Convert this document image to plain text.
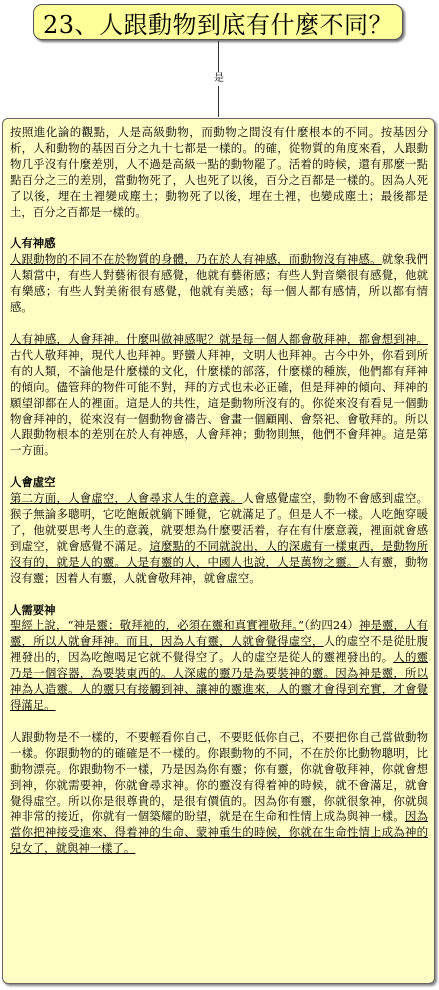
23、人跟動物到底有什麼不同？
是

按照進化論的觀點，人是高級動物，而動物之間沒有什麼根本的不同。按基因分析，人和動物的基因百分之九十七都是一樣的。的確，從物質的角度來看，人跟動物几乎沒有什麼差別，人不過是高級一點的動物罷了。活着的時候，還有那麼一點點百分之三的差別，當動物死了，人也死了以後，百分之百都是一樣的。因為人死了以後，埋在土裡變成塵土；動物死了以後，埋在土裡，也變成塵土；最後都是土，百分之百都是一樣的。

人有神感

人跟動物的不同不在於物質的身體，乃在於人有神感，而動物沒有神感。就象我們人類當中，有些人對藝術很有感覺，他就有藝術感；有些人對音樂很有感覺，他就有樂感；有些人對美術很有感覺，他就有美感；每一個人都有感情，所以都有情感。

人有神感，人會拜神。什麼叫做神感呢？就是每一個人都會敬拜神，都會想到神。古代人敬拜神，現代人也拜神。野蠻人拜神，文明人也拜神。古今中外，你看到所有的人類，不論他是什麼樣的文化，什麼樣的部落，什麼樣的種族，他們都有拜神的傾向。儘管拜的物件可能不對，拜的方式也未必正確，但是拜神的傾向、拜神的願望卻都在人的裡面。這是人的共性，這是動物所沒有的。你從來沒有看見一個動物會拜神的，從來沒有一個動物會禱告、會畫一個顧剛、會祭祀、會敬拜的。所以人跟動物根本的差別在於人有神感，人會拜神；動物則無，他們不會拜神。這是第一方面。

人會虛空

第二方面，人會虛空，人會尋求人生的意義。人會感覺虛空，動物不會感到虛空。猴子無論多聰明，它吃飽飯就躺下睡覺，它就滿足了。但是人不一樣。人吃飽穿暖了，他就要思考人生的意義，就要想為什麼要活着，存在有什麼意義，裡面就會感到虛空，就會感覺不滿足。這麼點的不同就說出，人的深處有一樣東西，是動物所沒有的，就是人的靈。人是有靈的人，中國人也說，人是萬物之靈。人有靈，動物沒有靈；因着人有靈，人就會敬拜神，就會虛空。

人需要神

聖經上說，“神是靈；敬拜祂的，必須在靈和真實裡敬拜。”（約四24）神是靈，人有靈，所以人就會拜神。而且，因為人有靈，人就會覺得虛空，人的虛空不是從肚腹裡發出的，因為吃飽喝足它就不覺得空了。人的虛空是從人的靈裡發出的。人的靈乃是一個容器，為要裝東西的。人深處的靈乃是為要裝神的靈。因為神是靈，所以神為人造靈。人的靈只有接觸到神、讓神的靈進來，人的靈才會得到充實，才會覺得滿足。

人跟動物是不一樣的，不要輕看你自己，不要貶低你自己，不要把你自己當做動物一樣。你跟動物的的確確是不一樣的。你跟動物的不同，不在於你比動物聰明，比動物漂亮。你跟動物不一樣，乃是因為你有靈；你有靈，你就會敬拜神，你就會想到神，你就需要神，你就會尋求神。你的靈沒有得着神的時候，就不會滿足，就會覺得虛空。所以你是很尊貴的，是很有價值的。因為你有靈，你就很象神，你就與神非常的接近，你就有一個築耀的盼望，就是在生命和性情上成為與神一樣。因為當你把神接受進來、得着神的生命、蒙神重生的時候，你就在生命性情上成為神的兒女了，就與神一樣了。
